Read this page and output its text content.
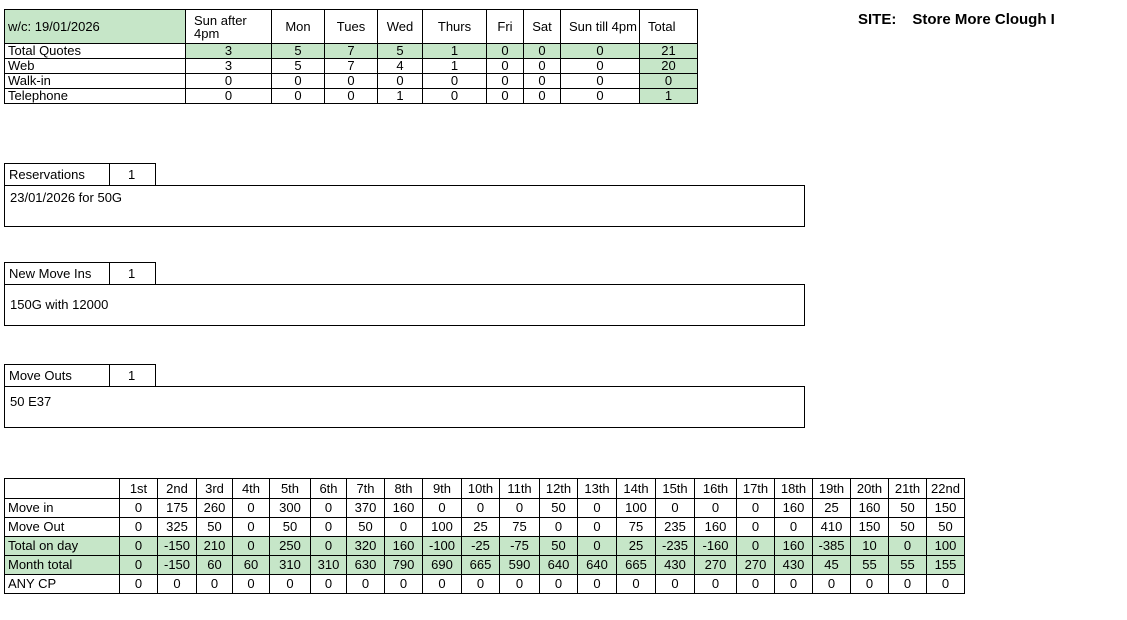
w/c: 19/01/2026	Sun after 4pm	Mon	Tues	Wed	Thurs	Fri	Sat	Sun till 4pm	Total

Total Quotes	3	5	7	5	1	0	0	0	21
Web	3	5	7	4	1	0	0	0	20
Walk-in	0	0	0	0	0	0	0	0	0
Telephone	0	0	0	1	0	0	0	0	1
SITE: Store More Clough I
Reservations	1
23/01/2026 for 50G
New Move Ins	1
150G with 12000
Move Outs	1
50 E37
	1st	2nd	3rd	4th	5th	6th	7th	8th	9th	10th	11th	12th	13th	14th	15th	16th	17th	18th	19th	20th	21th	22nd
Move in	0	175	260	0	300	0	370	160	0	0	0	50	0	100	0	0	0	160	25	160	50	150
Move Out	0	325	50	0	50	0	50	0	100	25	75	0	0	75	235	160	0	0	410	150	50	50
Total on day	0	-150	210	0	250	0	320	160	-100	-25	-75	50	0	25	-235	-160	0	160	-385	10	0	100
Month total	0	-150	60	60	310	310	630	790	690	665	590	640	640	665	430	270	270	430	45	55	55	155
ANY CP	0	0	0	0	0	0	0	0	0	0	0	0	0	0	0	0	0	0	0	0	0	0
